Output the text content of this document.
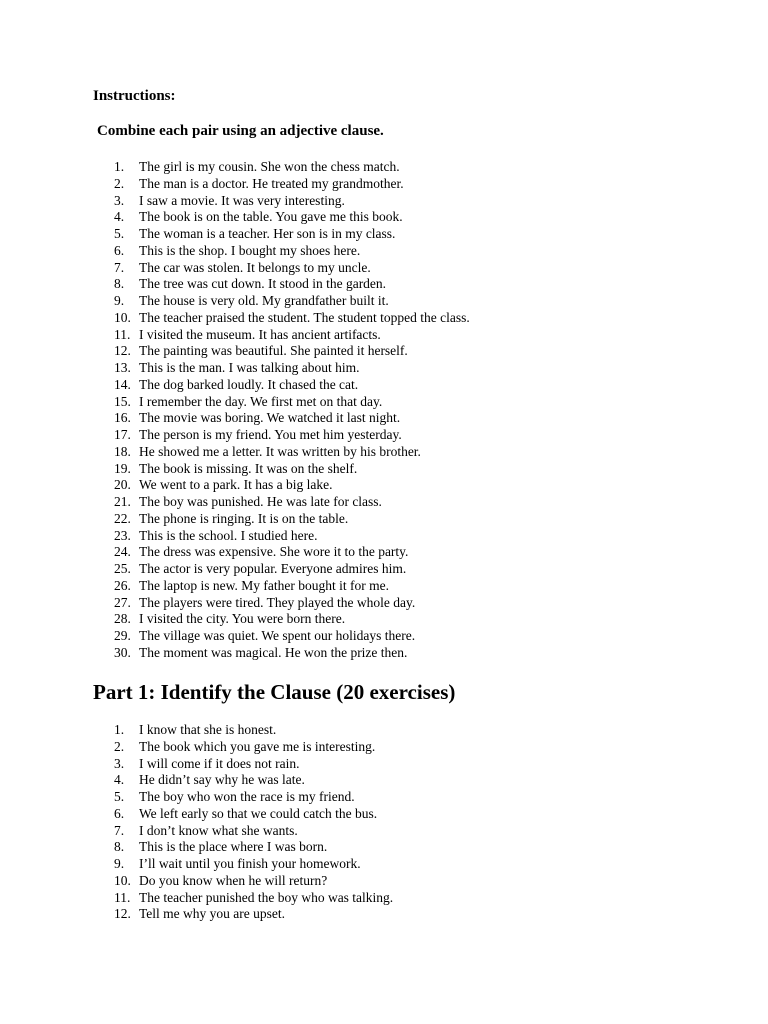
Instructions:

Combine each pair using an adjective clause.

1. The girl is my cousin. She won the chess match.
2. The man is a doctor. He treated my grandmother.
3. I saw a movie. It was very interesting.
4. The book is on the table. You gave me this book.
5. The woman is a teacher. Her son is in my class.
6. This is the shop. I bought my shoes here.
7. The car was stolen. It belongs to my uncle.
8. The tree was cut down. It stood in the garden.
9. The house is very old. My grandfather built it.
10. The teacher praised the student. The student topped the class.
11. I visited the museum. It has ancient artifacts.
12. The painting was beautiful. She painted it herself.
13. This is the man. I was talking about him.
14. The dog barked loudly. It chased the cat.
15. I remember the day. We first met on that day.
16. The movie was boring. We watched it last night.
17. The person is my friend. You met him yesterday.
18. He showed me a letter. It was written by his brother.
19. The book is missing. It was on the shelf.
20. We went to a park. It has a big lake.
21. The boy was punished. He was late for class.
22. The phone is ringing. It is on the table.
23. This is the school. I studied here.
24. The dress was expensive. She wore it to the party.
25. The actor is very popular. Everyone admires him.
26. The laptop is new. My father bought it for me.
27. The players were tired. They played the whole day.
28. I visited the city. You were born there.
29. The village was quiet. We spent our holidays there.
30. The moment was magical. He won the prize then.
Part 1: Identify the Clause (20 exercises)
1. I know that she is honest.
2. The book which you gave me is interesting.
3. I will come if it does not rain.
4. He didn’t say why he was late.
5. The boy who won the race is my friend.
6. We left early so that we could catch the bus.
7. I don’t know what she wants.
8. This is the place where I was born.
9. I’ll wait until you finish your homework.
10. Do you know when he will return?
11. The teacher punished the boy who was talking.
12. Tell me why you are upset.
